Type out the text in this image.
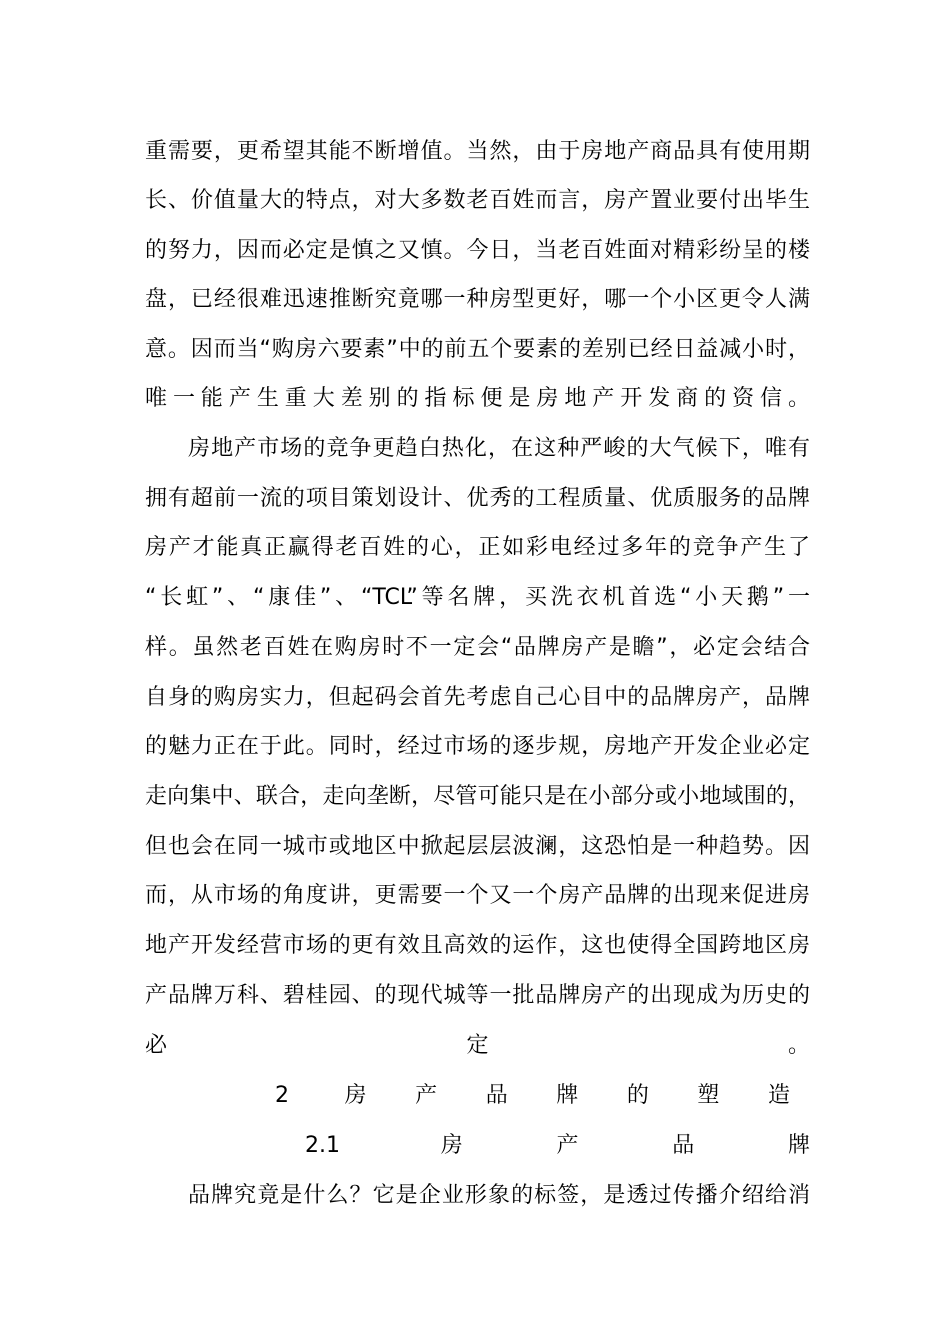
重需要，更希望其能不断增值。当然，由于房地产商品具有使用期
长、价值量大的特点，对大多数老百姓而言，房产置业要付出毕生
的努力，因而必定是慎之又慎。今日，当老百姓面对精彩纷呈的楼
盘，已经很难迅速推断究竟哪一种房型更好，哪一个小区更令人满
意。因而当“购房六要素”中的前五个要素的差别已经日益减小时，
唯一能产生重大差别的指标便是房地产开发商的资信。
房地产市场的竞争更趋白热化，在这种严峻的大气候下，唯有
拥有超前一流的项目策划设计、优秀的工程质量、优质服务的品牌
房产才能真正赢得老百姓的心，正如彩电经过多年的竞争产生了
“长虹”、“康佳”、“TCL”等名牌，买洗衣机首选“小天鹅”一
样。虽然老百姓在购房时不一定会“品牌房产是瞻”，必定会结合
自身的购房实力，但起码会首先考虑自己心目中的品牌房产，品牌
的魅力正在于此。同时，经过市场的逐步规，房地产开发企业必定
走向集中、联合，走向垄断，尽管可能只是在小部分或小地域围的，
但也会在同一城市或地区中掀起层层波澜，这恐怕是一种趋势。因
而，从市场的角度讲，更需要一个又一个房产品牌的出现来促进房
地产开发经营市场的更有效且高效的运作，这也使得全国跨地区房
产品牌万科、碧桂园、的现代城等一批品牌房产的出现成为历史的
必定。
2 房产品牌的塑造
2.1 房产品牌
品牌究竟是什么？它是企业形象的标签，是透过传播介绍给消
